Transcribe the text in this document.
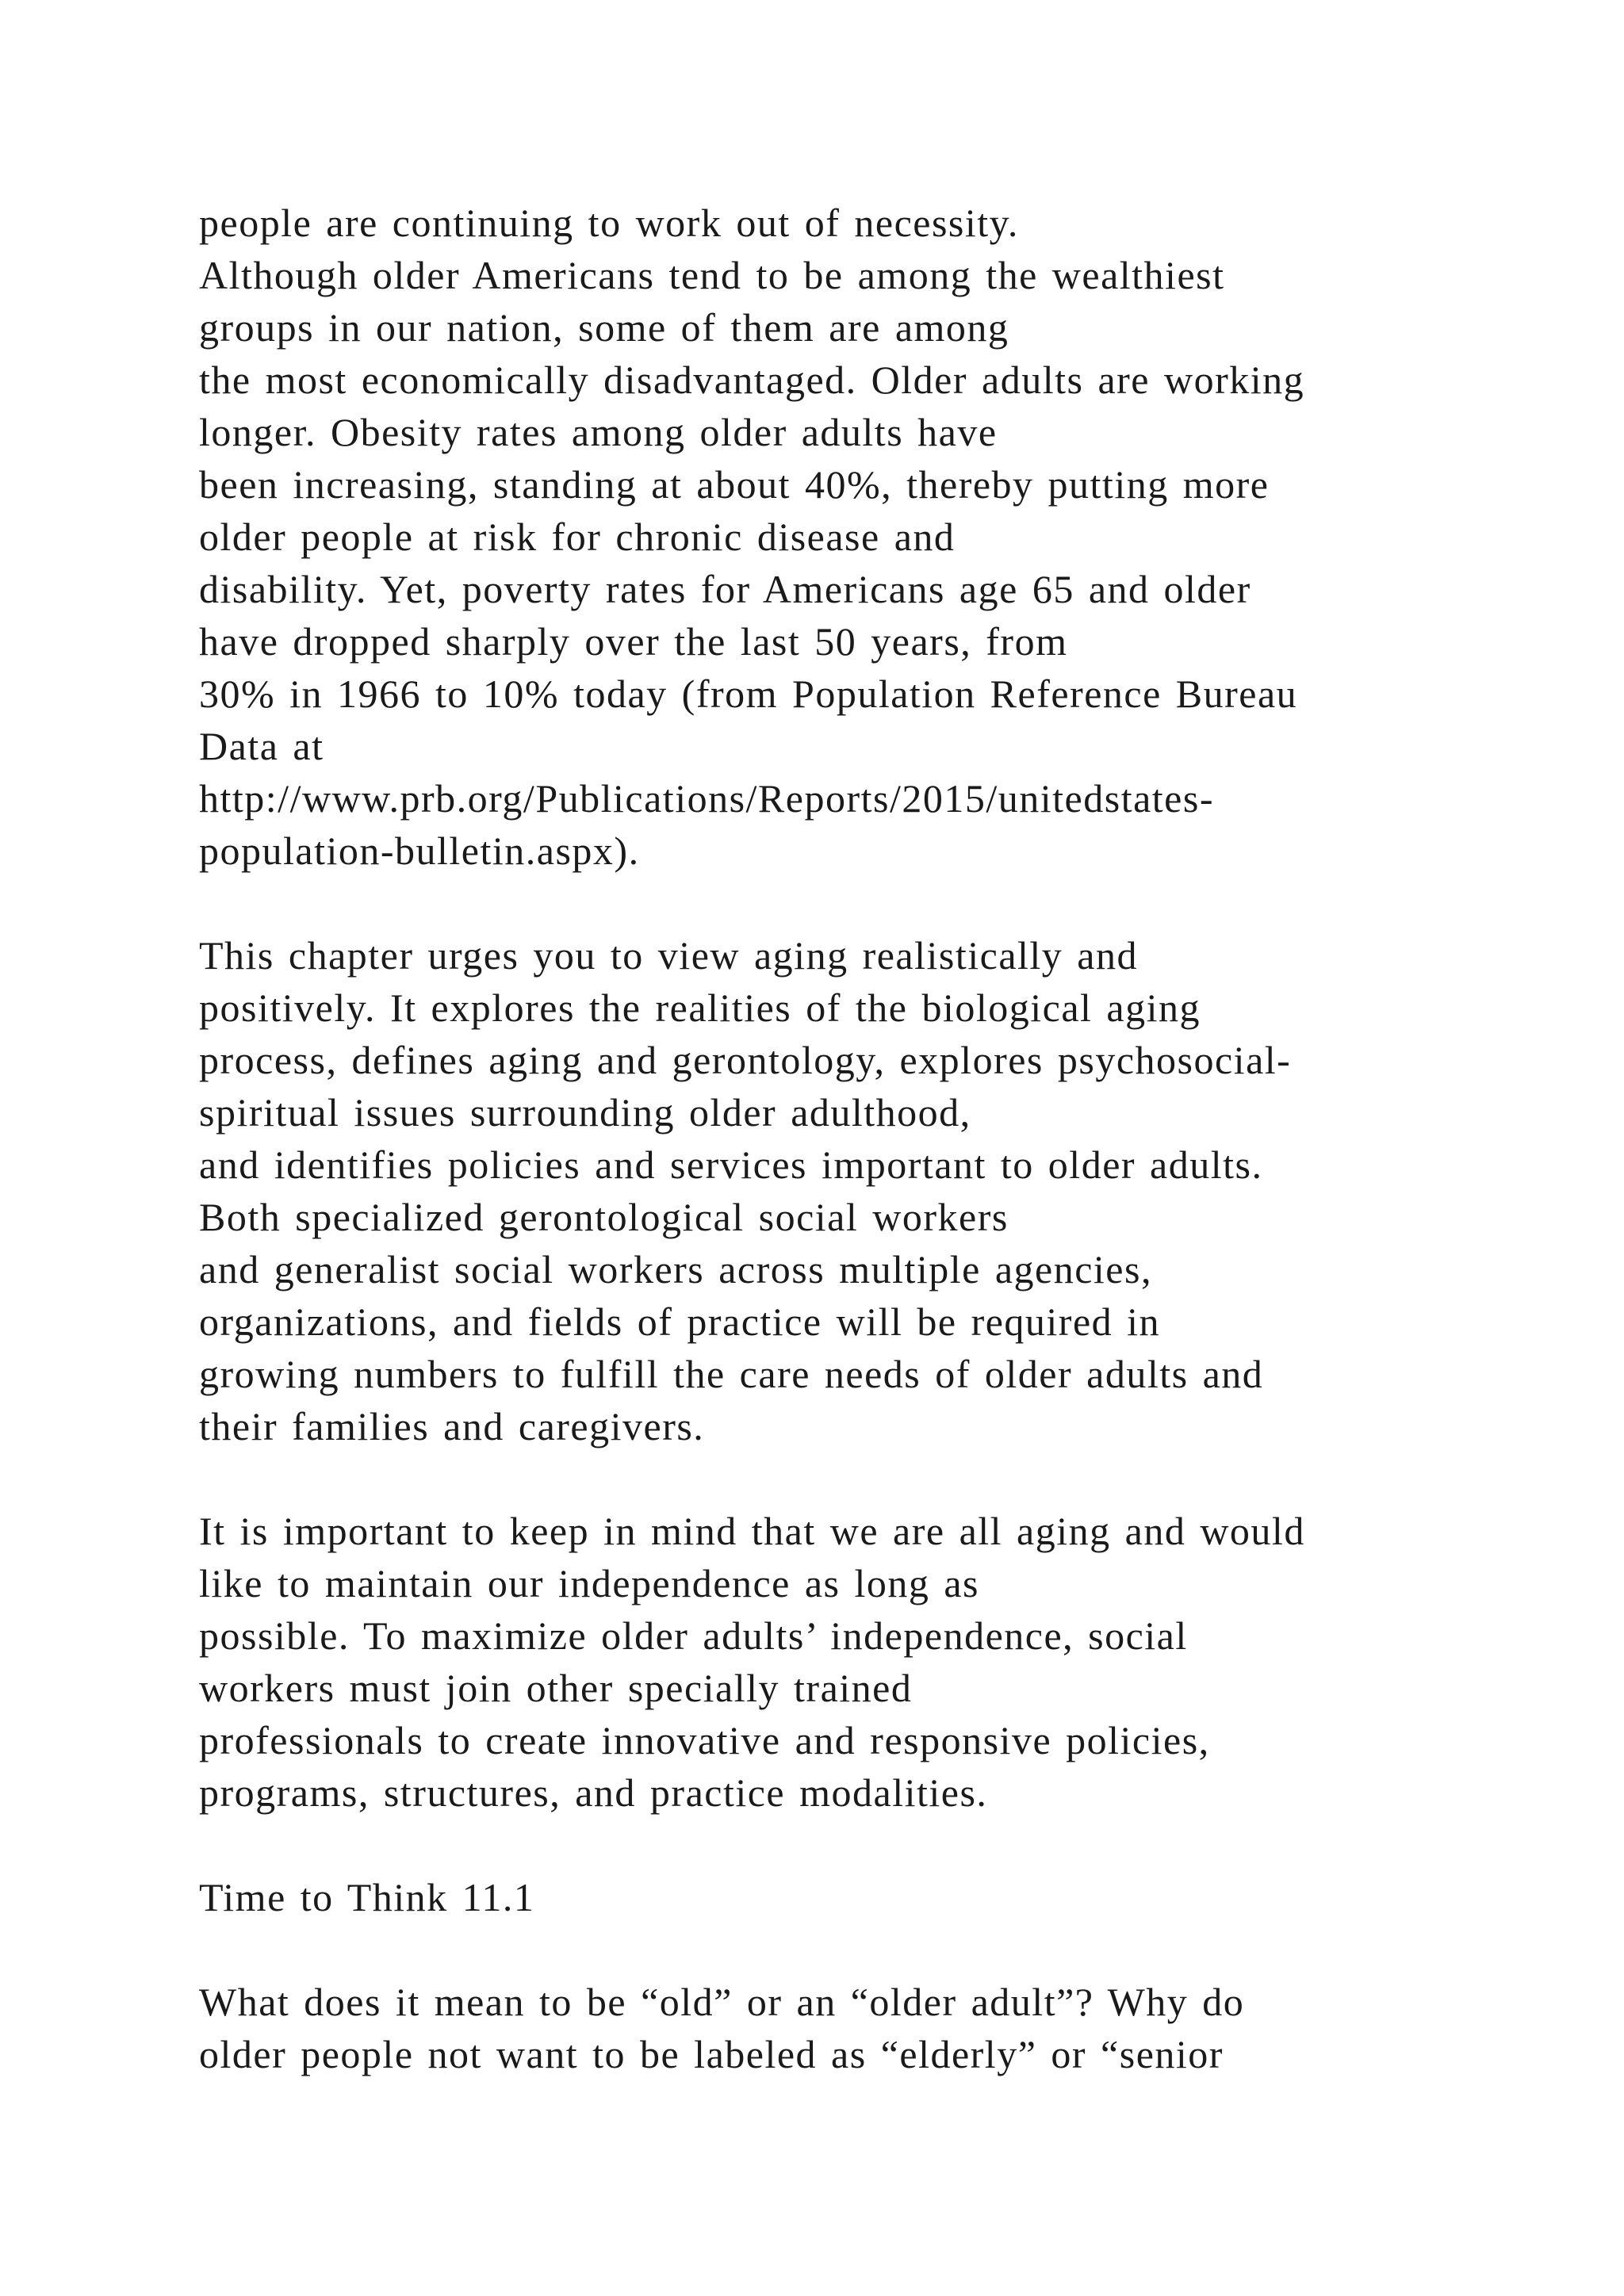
people are continuing to work out of necessity.
Although older Americans tend to be among the wealthiest
groups in our nation, some of them are among
the most economically disadvantaged. Older adults are working
longer. Obesity rates among older adults have
been increasing, standing at about 40%, thereby putting more
older people at risk for chronic disease and
disability. Yet, poverty rates for Americans age 65 and older
have dropped sharply over the last 50 years, from
30% in 1966 to 10% today (from Population Reference Bureau
Data at
http://www.prb.org/Publications/Reports/2015/unitedstates-
population-bulletin.aspx).
This chapter urges you to view aging realistically and
positively. It explores the realities of the biological aging
process, defines aging and gerontology, explores psychosocial-
spiritual issues surrounding older adulthood,
and identifies policies and services important to older adults.
Both specialized gerontological social workers
and generalist social workers across multiple agencies,
organizations, and fields of practice will be required in
growing numbers to fulfill the care needs of older adults and
their families and caregivers.
It is important to keep in mind that we are all aging and would
like to maintain our independence as long as
possible. To maximize older adults’ independence, social
workers must join other specially trained
professionals to create innovative and responsive policies,
programs, structures, and practice modalities.
Time to Think 11.1
What does it mean to be “old” or an “older adult”? Why do
older people not want to be labeled as “elderly” or “senior
